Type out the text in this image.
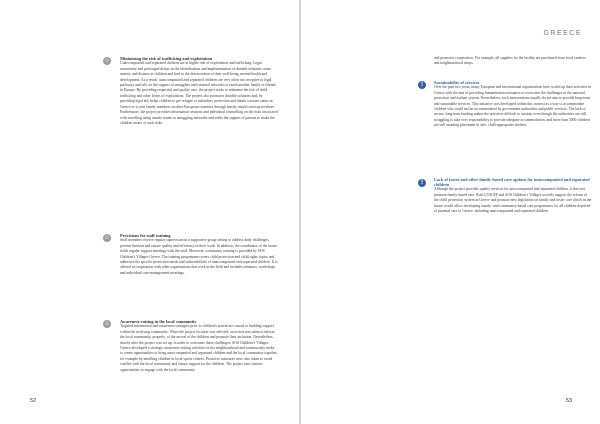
52
GREECE
53
☺ Minimising the risk of trafficking and exploitation
Unaccompanied and separated children are at higher risk of exploitation and trafficking. Legal uncertainty and prolonged delays in the identification and implementation of durable solutions cause anxiety and distress in children and lead to the deterioration of their well-being, mental health and development. As a result, unaccompanied and separated children are very often not receptive to legal pathways and rely on the support of smugglers and criminal networks to reach another family or friends in Europe. By providing respectful and quality care, the project seeks to minimise the risk of child trafficking and other forms of exploitation. The project also promotes durable solutions and, by providing legal aid, helps children to get refugee or subsidiary protection and obtain a secure status in Greece or to join family members in other European countries through family reunification procedures. Furthermore, the project provides information sessions and individual counselling on the risks associated with travelling using unsafe routes or smuggling networks and seeks the support of parents to make the children aware of such risks.
☺ Provisions for staff training
Staff members receive regular supervision in a supportive group setting to address daily challenges, prevent burnout and ensure quality and efficiency in their work. In addition, the coordinator of the house holds regular support meetings with the staff. Moreover, continuous training is provided by SOS Children's Villages Greece. The training programme covers child protection and child rights topics and addresses the specific protection needs and vulnerabilities of unaccompanied and separated children. It is offered in cooperation with other organisations that work in the field and includes seminars, workshops and individual case-management meetings.
☺ Awareness-raising in the local community
Targeted information and awareness strategies prior to children's arrival are crucial to building support within the receiving community. When the project location was selected, an action was taken to inform the local community, properly, of the arrival of the children and promote their inclusion. Nevertheless, shortly after the project was set up, in order to overcome these challenges, SOS Children's Villages Greece developed a strategic awareness-raising activities in the neighbourhood and continuously seeks to create opportunities to bring unaccompanied and separated children and the local community together, for example by enrolling children in local sports centres. Proactive measures were also taken to avoid conflict with the local community and ensure support for the children. The project uses various opportunities to engage with the local community
and promotes cooperation. For example, all supplies for the facility are purchased from local vendors and neighbourhood shops.
!	Sustainability of services
Over the past two years, many European and international organisations have scaled up their activities in Greece with the aim of providing humanitarian assistance to overcome the challenges in the national protection and asylum system. Nevertheless, such interventions usually do not aim to provide long-term and sustainable services. This initiative was developed within this context as a way to accommodate children who could not be accommodated by government authorities and public services. The lack of secure, long-term funding makes the activities difficult to sustain, even though the authorities are still struggling to take over responsibility to provide adequate accommodation, and more than 3000 children are still awaiting placement in safe, child-appropriate shelters.
!
Lack of foster and other family-based care options for unaccompanied and separated children
Although the project provides quality services for unaccompanied and separated children, it does not promote family-based care. Both UNICEF and SOS Children's Villages actively support the reform of the child protection system in Greece and promote new legislation on family and foster care which in the future would allow developing family- and community-based care programmes for all children deprived of parental care in Greece, including unaccompanied and separated children.
